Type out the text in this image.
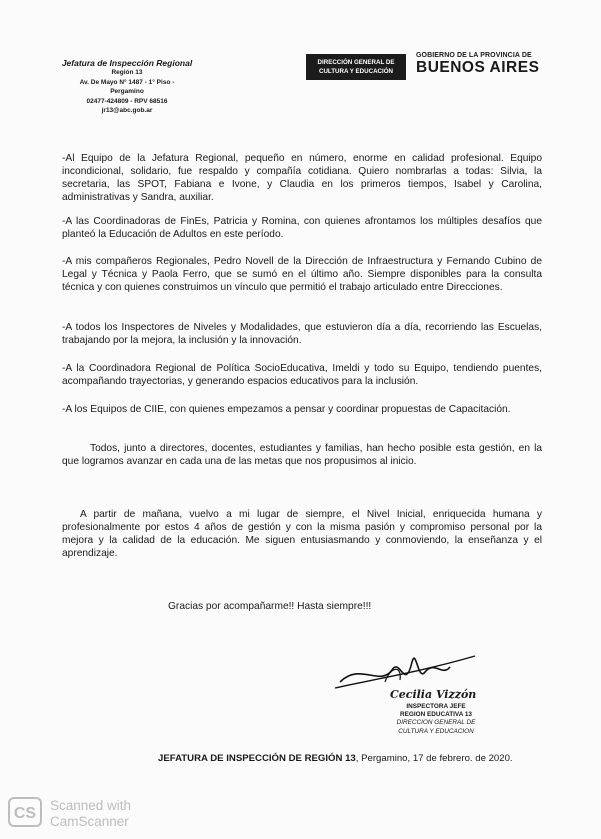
Jefatura de Inspección Regional
Región 13
Av. De Mayo N° 1487 - 1° Piso -
Pergamino
02477-424809 - RPV 68516
jr13@abc.gob.ar
DIRECCIÓN GENERAL DE
CULTURA Y EDUCACIÓN
GOBIERNO DE LA PROVINCIA DE
BUENOS AIRES

-Al Equipo de la Jefatura Regional, pequeño en número, enorme en calidad profesional. Equipo incondicional, solidario, fue respaldo y compañía cotidiana. Quiero nombrarlas a todas: Silvia, la secretaria, las SPOT, Fabiana e Ivone, y Claudia en los primeros tiempos, Isabel y Carolina, administrativas y Sandra, auxiliar.

-A las Coordinadoras de FinEs, Patricia y Romina, con quienes afrontamos los múltiples desafíos que planteó la Educación de Adultos en este período.

-A mis compañeros Regionales, Pedro Novell de la Dirección de Infraestructura y Fernando Cubino de Legal y Técnica y Paola Ferro, que se sumó en el último año. Siempre disponibles para la consulta técnica y con quienes construimos un vínculo que permitió el trabajo articulado entre Direcciones.

-A todos los Inspectores de Niveles y Modalidades, que estuvieron día a día, recorriendo las Escuelas, trabajando por la mejora, la inclusión y la innovación.

-A la Coordinadora Regional de Política SocioEducativa, Imeldi y todo su Equipo, tendiendo puentes, acompañando trayectorias, y generando espacios educativos para la inclusión.

-A los Equipos de CIIE, con quienes empezamos a pensar y coordinar propuestas de Capacitación.

Todos, junto a directores, docentes, estudiantes y familias, han hecho posible esta gestión, en la que logramos avanzar en cada una de las metas que nos propusimos al inicio.

A partir de mañana, vuelvo a mi lugar de siempre, el Nivel Inicial, enriquecida humana y profesionalmente por estos 4 años de gestión y con la misma pasión y compromiso personal por la mejora y la calidad de la educación. Me siguen entusiasmando y conmoviendo, la enseñanza y el aprendizaje.

Gracias por acompañarme!! Hasta siempre!!!
Cecilia Vizzón
INSPECTORA JEFE
REGION EDUCATIVA 13
DIRECCION GENERAL DE
CULTURA Y EDUCACION
JEFATURA DE INSPECCIÓN DE REGIÓN 13, Pergamino, 17 de febrero. de 2020.
CS	Scanned with
CamScanner
